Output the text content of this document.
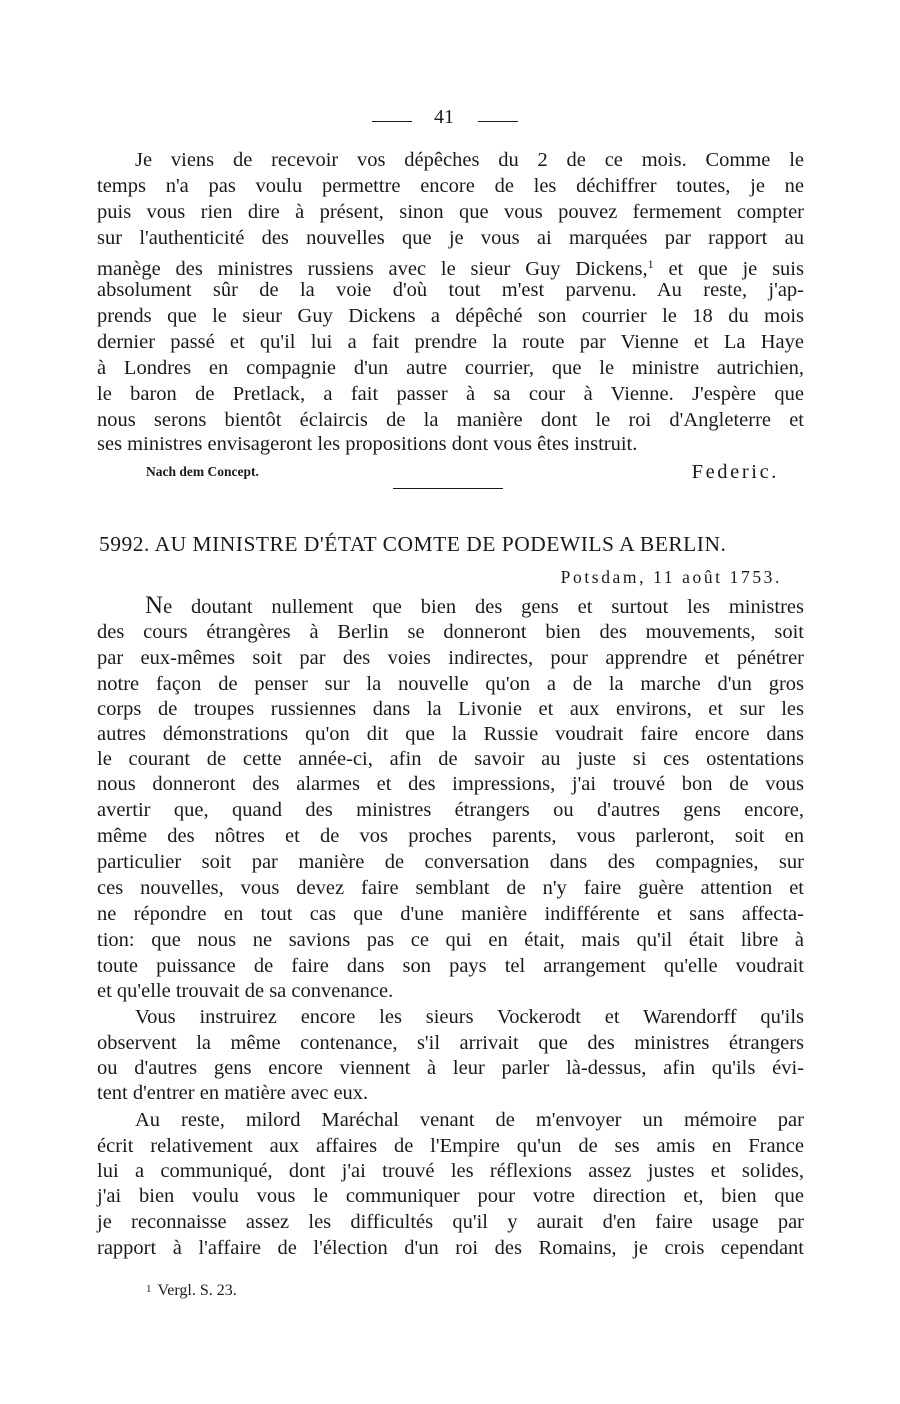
41
Je viens de recevoir vos dépêches du 2 de ce mois. Comme le
temps n'a pas voulu permettre encore de les déchiffrer toutes, je ne
puis vous rien dire à présent, sinon que vous pouvez fermement compter
sur l'authenticité des nouvelles que je vous ai marquées par rapport au
manège des ministres russiens avec le sieur Guy Dickens,$^1$ et que je suis
absolument sûr de la voie d'où tout m'est parvenu. Au reste, j'ap-
prends que le sieur Guy Dickens a dépêché son courrier le 18 du mois
dernier passé et qu'il lui a fait prendre la route par Vienne et La Haye
à Londres en compagnie d'un autre courrier, que le ministre autrichien,
le baron de Pretlack, a fait passer à sa cour à Vienne. J'espère que
nous serons bientôt éclaircis de la manière dont le roi d'Angleterre et
ses ministres envisageront les propositions dont vous êtes instruit.
Nach dem Concept.	Federic.
5992. AU MINISTRE D'ÉTAT COMTE DE PODEWILS A BERLIN.
Potsdam, 11 août 1753.
Ne doutant nullement que bien des gens et surtout les ministres
des cours étrangères à Berlin se donneront bien des mouvements, soit
par eux-mêmes soit par des voies indirectes, pour apprendre et pénétrer
notre façon de penser sur la nouvelle qu'on a de la marche d'un gros
corps de troupes russiennes dans la Livonie et aux environs, et sur les
autres démonstrations qu'on dit que la Russie voudrait faire encore dans
le courant de cette année-ci, afin de savoir au juste si ces ostentations
nous donneront des alarmes et des impressions, j'ai trouvé bon de vous
avertir que, quand des ministres étrangers ou d'autres gens encore,
même des nôtres et de vos proches parents, vous parleront, soit en
particulier soit par manière de conversation dans des compagnies, sur
ces nouvelles, vous devez faire semblant de n'y faire guère attention et
ne répondre en tout cas que d'une manière indifférente et sans affecta-
tion: que nous ne savions pas ce qui en était, mais qu'il était libre à
toute puissance de faire dans son pays tel arrangement qu'elle voudrait
et qu'elle trouvait de sa convenance.
Vous instruirez encore les sieurs Vockerodt et Warendorff qu'ils
observent la même contenance, s'il arrivait que des ministres étrangers
ou d'autres gens encore viennent à leur parler là-dessus, afin qu'ils évi-
tent d'entrer en matière avec eux.
Au reste, milord Maréchal venant de m'envoyer un mémoire par
écrit relativement aux affaires de l'Empire qu'un de ses amis en France
lui a communiqué, dont j'ai trouvé les réflexions assez justes et solides,
j'ai bien voulu vous le communiquer pour votre direction et, bien que
je reconnaisse assez les difficultés qu'il y aurait d'en faire usage par
rapport à l'affaire de l'élection d'un roi des Romains, je crois cependant
1 Vergl. S. 23.
